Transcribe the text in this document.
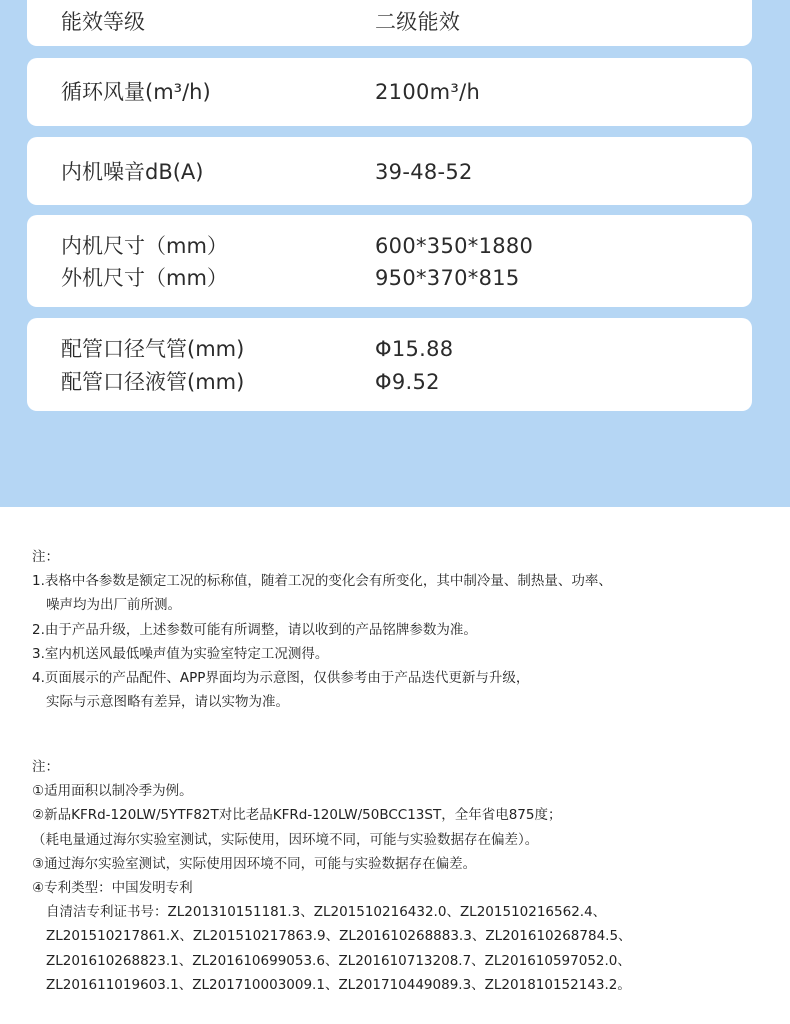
能效等级	二级能效
循环风量(m³/h)	2100m³/h
内机噪音dB(A)	39-48-52
内机尺寸（mm）	600*350*1880
外机尺寸（mm）	950*370*815
配管口径气管(mm)	Φ15.88
配管口径液管(mm)	Φ9.52
注：
1.表格中各参数是额定工况的标称值，随着工况的变化会有所变化，其中制冷量、制热量、功率、
噪声均为出厂前所测。
2.由于产品升级，上述参数可能有所调整，请以收到的产品铭牌参数为准。
3.室内机送风最低噪声值为实验室特定工况测得。
4.页面展示的产品配件、APP界面均为示意图，仅供参考由于产品迭代更新与升级，
实际与示意图略有差异，请以实物为准。
注：
①适用面积以制冷季为例。
②新品KFRd-120LW/5YTF82T对比老品KFRd-120LW/50BCC13ST，全年省电875度；
（耗电量通过海尔实验室测试，实际使用，因环境不同，可能与实验数据存在偏差）。
③通过海尔实验室测试，实际使用因环境不同，可能与实验数据存在偏差。
④专利类型：中国发明专利
自清洁专利证书号：ZL201310151181.3、ZL201510216432.0、ZL201510216562.4、
ZL201510217861.X、ZL201510217863.9、ZL201610268883.3、ZL201610268784.5、
ZL201610268823.1、ZL201610699053.6、ZL201610713208.7、ZL201610597052.0、
ZL201611019603.1、ZL201710003009.1、ZL201710449089.3、ZL201810152143.2。
